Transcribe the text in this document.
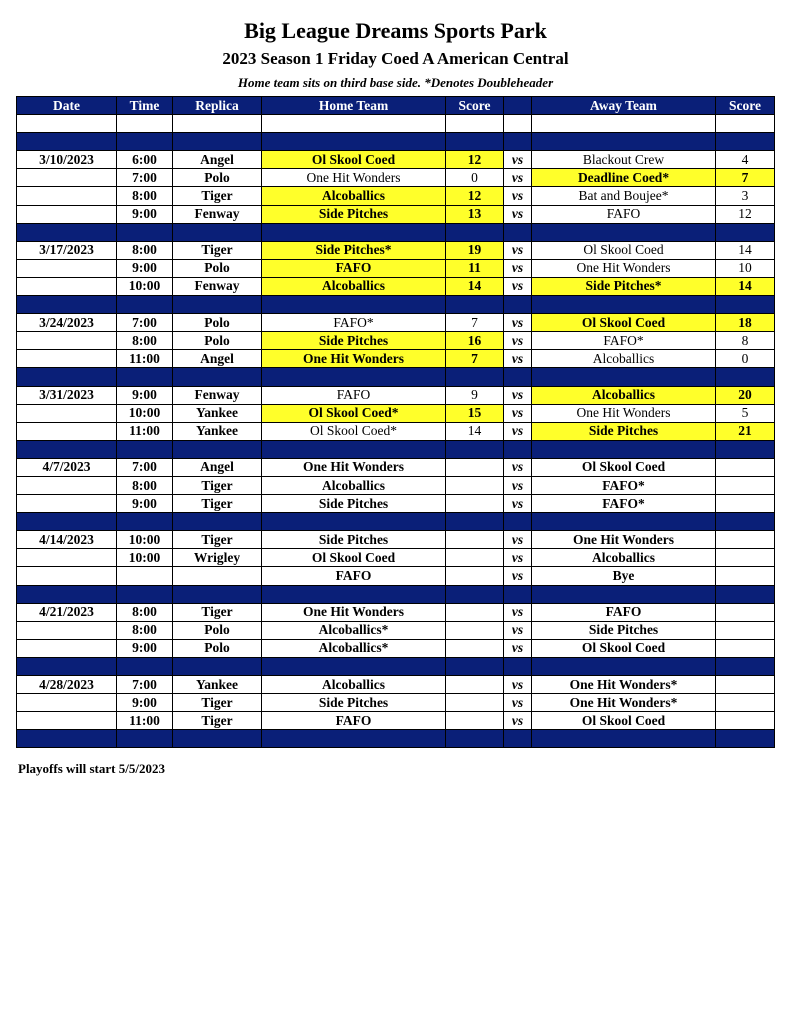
Big League Dreams Sports Park
2023 Season 1 Friday Coed A American Central
Home team sits on third base side. *Denotes Doubleheader
Date	Time	Replica	Home Team	Score		Away Team	Score

3/10/2023	6:00	Angel	Ol Skool Coed	12	vs	Blackout Crew	4
	7:00	Polo	One Hit Wonders	0	vs	Deadline Coed*	7
	8:00	Tiger	Alcoballics	12	vs	Bat and Boujee*	3
	9:00	Fenway	Side Pitches	13	vs	FAFO	12

3/17/2023	8:00	Tiger	Side Pitches*	19	vs	Ol Skool Coed	14
	9:00	Polo	FAFO	11	vs	One Hit Wonders	10
	10:00	Fenway	Alcoballics	14	vs	Side Pitches*	14

3/24/2023	7:00	Polo	FAFO*	7	vs	Ol Skool Coed	18
	8:00	Polo	Side Pitches	16	vs	FAFO*	8
	11:00	Angel	One Hit Wonders	7	vs	Alcoballics	0

3/31/2023	9:00	Fenway	FAFO	9	vs	Alcoballics	20
	10:00	Yankee	Ol Skool Coed*	15	vs	One Hit Wonders	5
	11:00	Yankee	Ol Skool Coed*	14	vs	Side Pitches	21

4/7/2023	7:00	Angel	One Hit Wonders		vs	Ol Skool Coed	
	8:00	Tiger	Alcoballics		vs	FAFO*	
	9:00	Tiger	Side Pitches		vs	FAFO*	

4/14/2023	10:00	Tiger	Side Pitches		vs	One Hit Wonders	
	10:00	Wrigley	Ol Skool Coed		vs	Alcoballics	
			FAFO		vs	Bye	

4/21/2023	8:00	Tiger	One Hit Wonders		vs	FAFO	
	8:00	Polo	Alcoballics*		vs	Side Pitches	
	9:00	Polo	Alcoballics*		vs	Ol Skool Coed	

4/28/2023	7:00	Yankee	Alcoballics		vs	One Hit Wonders*	
	9:00	Tiger	Side Pitches		vs	One Hit Wonders*	
	11:00	Tiger	FAFO		vs	Ol Skool Coed	

Playoffs will start 5/5/2023
